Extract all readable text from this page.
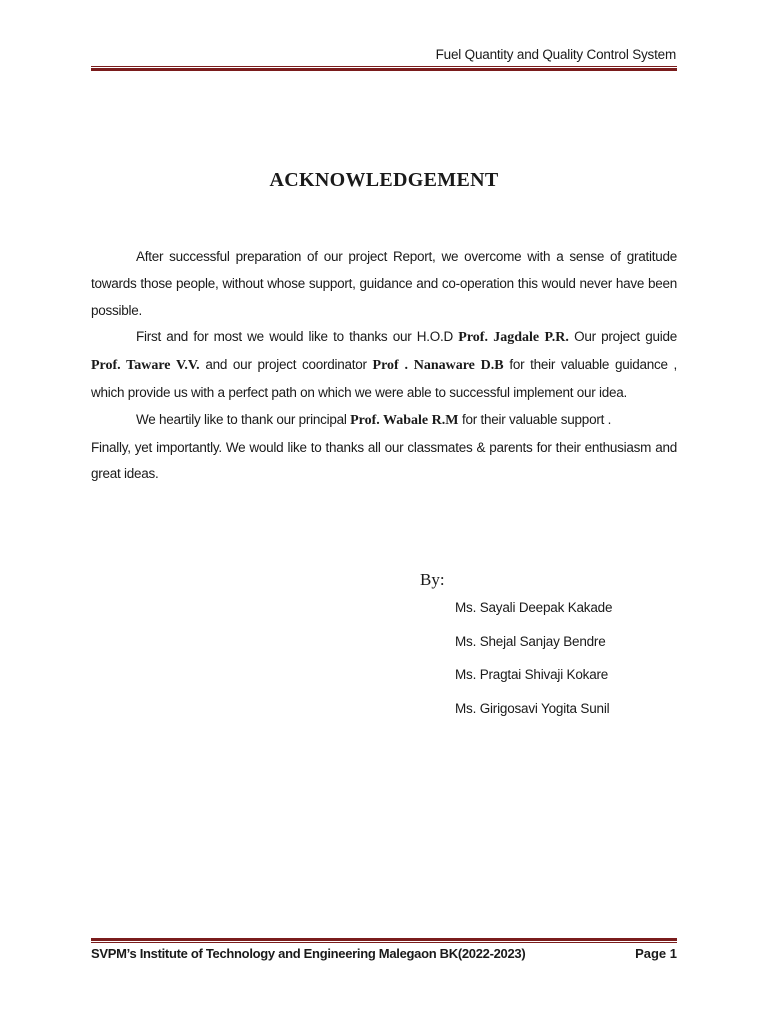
Fuel Quantity and Quality Control System
ACKNOWLEDGEMENT

After successful preparation of our project Report, we overcome with a sense of gratitude towards those people, without whose support, guidance and co-operation this would never have been possible.

First and for most we would like to thanks our H.O.D Prof. Jagdale P.R. Our project guide Prof. Taware V.V. and our project coordinator Prof . Nanaware D.B for their valuable guidance , which provide us with a perfect path on which we were able to successful implement our idea.

We heartily like to thank our principal Prof. Wabale R.M for their valuable support .

Finally, yet importantly. We would like to thanks all our classmates & parents for their enthusiasm and great ideas.

By:
Ms. Sayali Deepak Kakade
Ms. Shejal Sanjay Bendre
Ms. Pragtai Shivaji Kokare
Ms. Girigosavi Yogita Sunil
SVPM’s Institute of Technology and Engineering Malegaon BK(2022-2023)	Page 1
